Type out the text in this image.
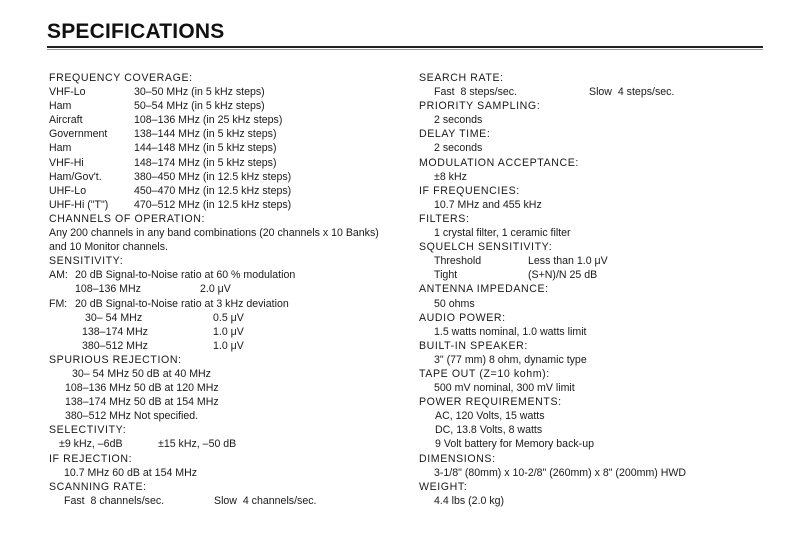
SPECIFICATIONS
FREQUENCY COVERAGE:
VHF-Lo	30–50 MHz (in 5 kHz steps)
Ham	50–54 MHz (in 5 kHz steps)
Aircraft	108–136 MHz (in 25 kHz steps)
Government	138–144 MHz (in 5 kHz steps)
Ham	144–148 MHz (in 5 kHz steps)
VHF-Hi	148–174 MHz (in 5 kHz steps)
Ham/Gov't.	380–450 MHz (in 12.5 kHz steps)
UHF-Lo	450–470 MHz (in 12.5 kHz steps)
UHF-Hi ("T") 470–512 MHz (in 12.5 kHz steps)
CHANNELS OF OPERATION:
Any 200 channels in any band combinations (20 channels x 10 Banks) and 10 Monitor channels.
SENSITIVITY:
AM: 20 dB Signal-to-Noise ratio at 60 % modulation
108–136 MHz	2.0 μV
FM: 20 dB Signal-to-Noise ratio at 3 kHz deviation
30– 54 MHz	0.5 μV
138–174 MHz	1.0 μV
380–512 MHz	1.0 μV
SPURIOUS REJECTION:
30– 54 MHz 50 dB at 40 MHz
108–136 MHz 50 dB at 120 MHz
138–174 MHz 50 dB at 154 MHz
380–512 MHz Not specified.
SELECTIVITY:
±9 kHz, –6dB	±15 kHz, –50 dB
IF REJECTION:
10.7 MHz 60 dB at 154 MHz
SCANNING RATE:
Fast  8 channels/sec.	Slow  4 channels/sec.
SEARCH RATE:
Fast  8 steps/sec.	Slow  4 steps/sec.
PRIORITY SAMPLING:
2 seconds
DELAY TIME:
2 seconds
MODULATION ACCEPTANCE:
±8 kHz
IF FREQUENCIES:
10.7 MHz and 455 kHz
FILTERS:
1 crystal filter, 1 ceramic filter
SQUELCH SENSITIVITY:
Threshold	Less than 1.0 μV
Tight	(S+N)/N 25 dB
ANTENNA IMPEDANCE:
50 ohms
AUDIO POWER:
1.5 watts nominal, 1.0 watts limit
BUILT-IN SPEAKER:
3" (77 mm) 8 ohm, dynamic type
TAPE OUT (Z=10 kohm):
500 mV nominal, 300 mV limit
POWER REQUIREMENTS:
AC, 120 Volts, 15 watts
DC, 13.8 Volts, 8 watts
9 Volt battery for Memory back-up
DIMENSIONS:
3-1/8" (80mm) x 10-2/8" (260mm) x 8" (200mm) HWD
WEIGHT:
4.4 lbs (2.0 kg)
